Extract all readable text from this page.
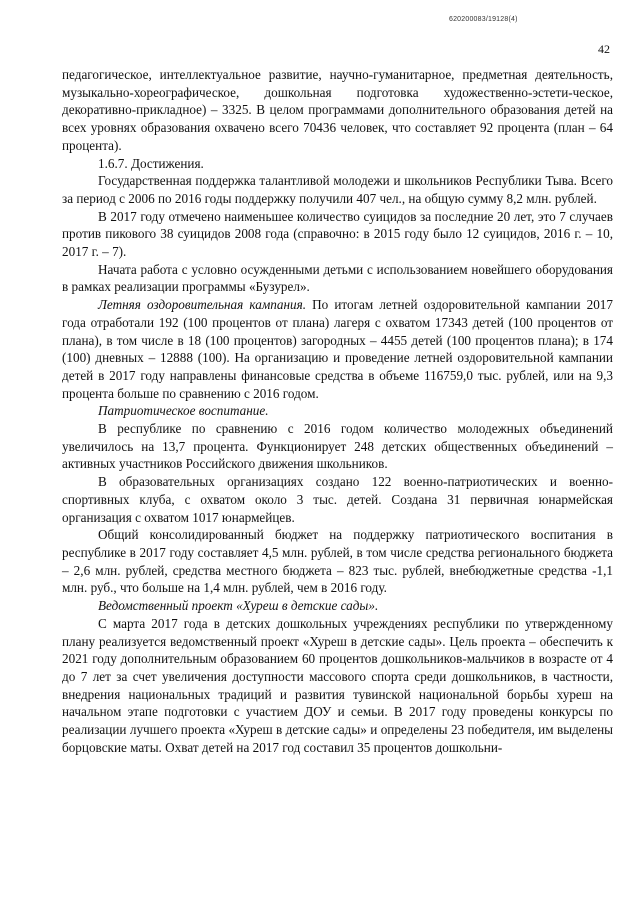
620200083/19128(4)
42

педагогическое, интеллектуальное развитие, научно-гуманитарное, предметная деятельность, музыкально-хореографическое, дошкольная подготовка художественно-эстети-ческое, декоративно-прикладное) – 3325. В целом программами дополнительного образования детей на всех уровнях образования охвачено всего 70436 человек, что составляет 92 процента (план – 64 процента).

1.6.7. Достижения.

Государственная поддержка талантливой молодежи и школьников Республики Тыва. Всего за период с 2006 по 2016 годы поддержку получили 407 чел., на общую сумму 8,2 млн. рублей.

В 2017 году отмечено наименьшее количество суицидов за последние 20 лет, это 7 случаев против пикового 38 суицидов 2008 года (справочно: в 2015 году было 12 суицидов, 2016 г. – 10, 2017 г. – 7).

Начата работа с условно осужденными детьми с использованием новейшего оборудования в рамках реализации программы «Бузурел».

Летняя оздоровительная кампания. По итогам летней оздоровительной кампании 2017 года отработали 192 (100 процентов от плана) лагеря с охватом 17343 детей (100 процентов от плана), в том числе в 18 (100 процентов) загородных – 4455 детей (100 процентов плана); в 174 (100) дневных – 12888 (100). На организацию и проведение летней оздоровительной кампании детей в 2017 году направлены финансовые средства в объеме 116759,0 тыс. рублей, или на 9,3 процента больше по сравнению с 2016 годом.

Патриотическое воспитание.

В республике по сравнению с 2016 годом количество молодежных объединений увеличилось на 13,7 процента. Функционирует 248 детских общественных объединений – активных участников Российского движения школьников.

В образовательных организациях создано 122 военно-патриотических и военно-спортивных клуба, с охватом около 3 тыс. детей. Создана 31 первичная юнармейская организация с охватом 1017 юнармейцев.

Общий консолидированный бюджет на поддержку патриотического воспитания в республике в 2017 году составляет 4,5 млн. рублей, в том числе средства регионального бюджета – 2,6 млн. рублей, средства местного бюджета – 823 тыс. рублей, внебюджетные средства -1,1 млн. руб., что больше на 1,4 млн. рублей, чем в 2016 году.

Ведомственный проект «Хуреш в детские сады».

С марта 2017 года в детских дошкольных учреждениях республики по утвержденному плану реализуется ведомственный проект «Хуреш в детские сады». Цель проекта – обеспечить к 2021 году дополнительным образованием 60 процентов дошкольников-мальчиков в возрасте от 4 до 7 лет за счет увеличения доступности массового спорта среди дошкольников, в частности, внедрения национальных традиций и развития тувинской национальной борьбы хуреш на начальном этапе подготовки с участием ДОУ и семьи. В 2017 году проведены конкурсы по реализации лучшего проекта «Хуреш в детские сады» и определены 23 победителя, им выделены борцовские маты. Охват детей на 2017 год составил 35 процентов дошкольни-
